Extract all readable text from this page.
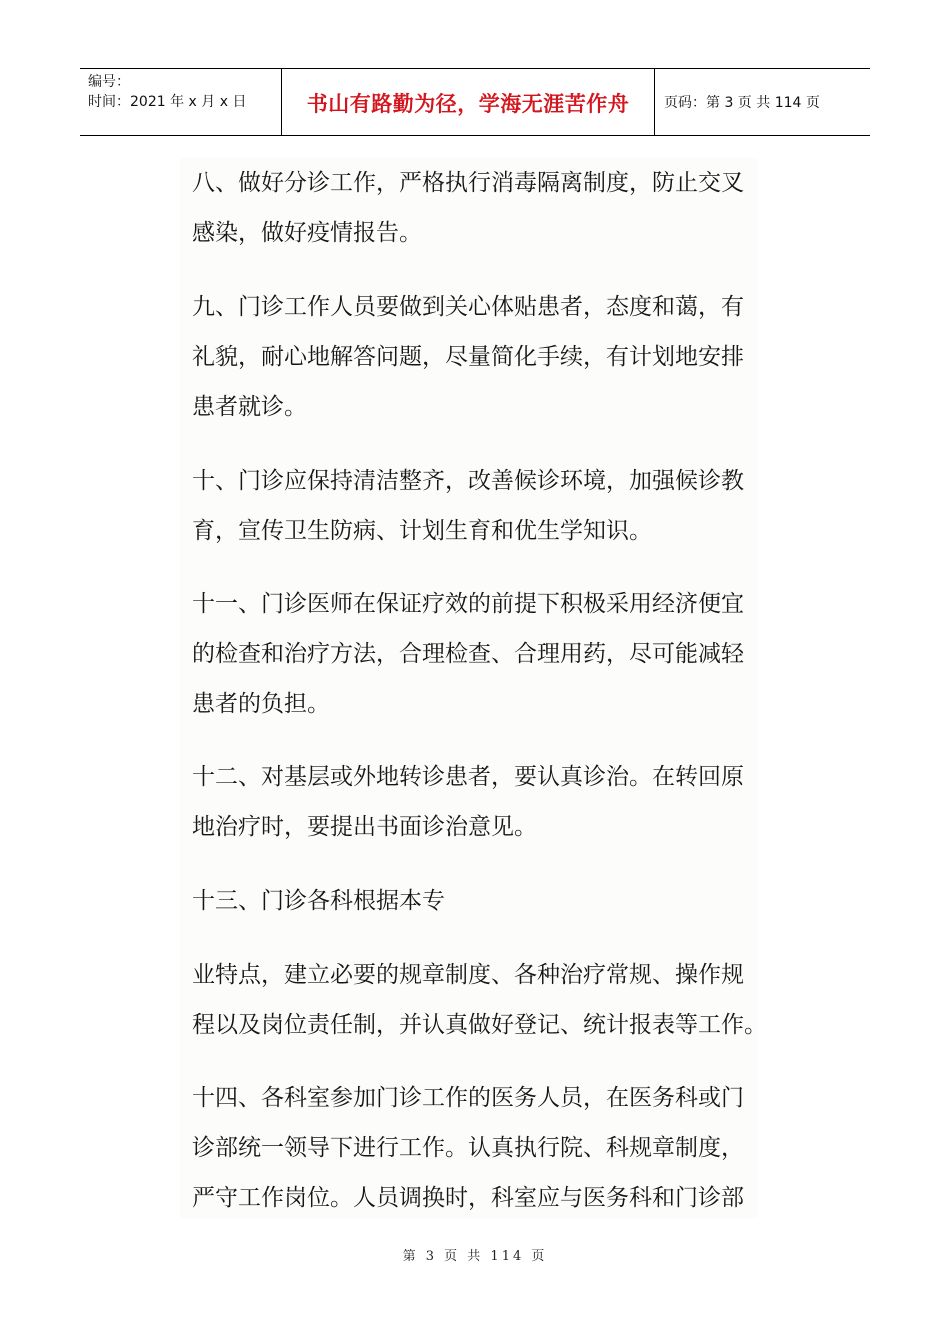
编号：
时间：2021 年 x 月 x 日	书山有路勤为径，学海无涯苦作舟	页码：第 3 页 共 114 页
八、做好分诊工作，严格执行消毒隔离制度，防止交叉
感染，做好疫情报告。
九、门诊工作人员要做到关心体贴患者，态度和蔼，有
礼貌，耐心地解答问题，尽量简化手续，有计划地安排
患者就诊。
十、门诊应保持清洁整齐，改善候诊环境，加强候诊教
育，宣传卫生防病、计划生育和优生学知识。
十一、门诊医师在保证疗效的前提下积极采用经济便宜
的检查和治疗方法，合理检查、合理用药，尽可能减轻
患者的负担。
十二、对基层或外地转诊患者，要认真诊治。在转回原
地治疗时，要提出书面诊治意见。
十三、门诊各科根据本专
业特点，建立必要的规章制度、各种治疗常规、操作规
程以及岗位责任制，并认真做好登记、统计报表等工作。
十四、各科室参加门诊工作的医务人员，在医务科或门
诊部统一领导下进行工作。认真执行院、科规章制度，
严守工作岗位。人员调换时，科室应与医务科和门诊部
第 3 页 共 114 页
